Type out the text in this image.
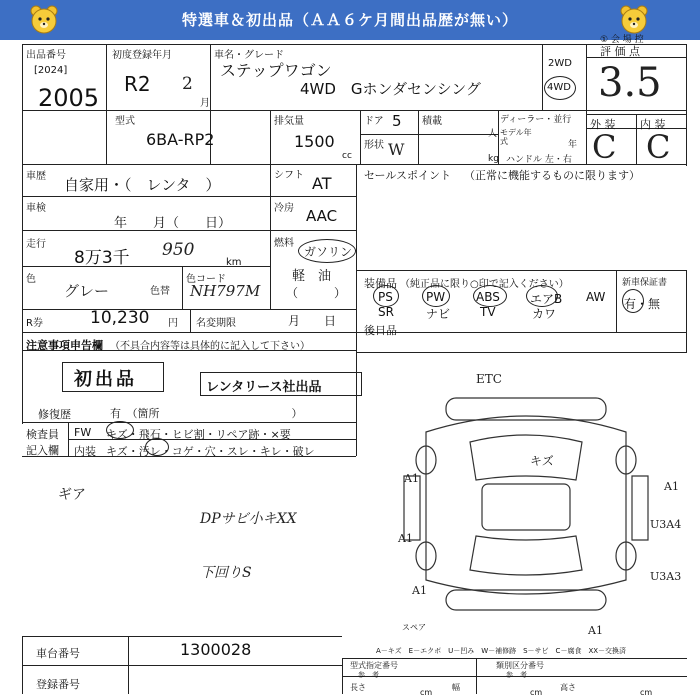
特選車＆初出品（ＡＡ６ケ月間出品歴が無い）
出品番号
[2024]
2005
初度登録年月
R2 2
月
車名・グレード
ステップワゴン
4WD　Gホンダセンシング
2WD
4WD
評 価 点
3.5
① 会 場 控
型式
6BA-RP2
排気量
1500
cc
ドア 5
形状 W
積載
kg
人
ディーラー・並行
モデル年式	年
ハンドル 左・右
外 装 内 装
C C
車歴 自家用・（　レンタ　）
シフト AT
車検
年　　月（　　日）
冷房 AAC
走行
8万3千 950
km
燃料
ガソリン
軽　油
（　　　）
色
グレー	色替
色コード
NH797M
R券	10,230 円 名変期限	月　　日
注意事項申告欄 （不具合内容等は具体的に記入して下さい）
初出品	レンタリース社出品
修復歴	有　（箇所　　　　　　　　　　　　）
検査員
記入欄
FW キズ・飛石・ヒビ割・リペア跡・×要
内装 キズ・汚レ・コゲ・穴・スレ・キレ・破レ
ギア
DPサビ小キXX
下回りS
セールスポイント （正常に機能するものに限ります）
装備品 （純正品に限り○印で記入ください）	新車保証書
有・無
PS	PW	ABS	エアB AW
SR	ナビ TV	カワ
後日品
ETC
キズ
A1
A1
A1
U3A4
A1
U3A3
A1
スペア
A－キズ　E－エクボ　U－凹み　W－補修跡　S－サビ　C－腐食　XX－交換済
車台番号	1300028
登録番号
型式指定番号	類別区分番号
参　考	参　考
長さ	幅	高さ
cm	cm	cm
